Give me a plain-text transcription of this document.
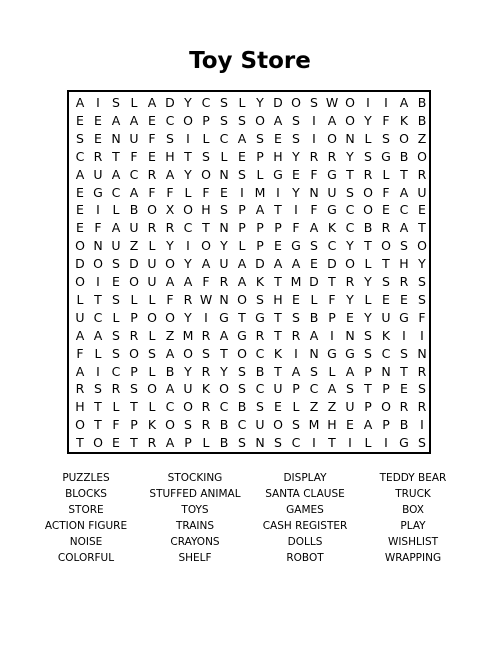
Toy Store
A I S L A D Y C S L Y D O S W O I	I A B
E E A A E C O P S S O A S I A O Y F K B
S E N U F S I	L C A S E S I O N L S O Z
C R T F E H T S L E P H Y R R Y S G B O
A U A C R A Y O N S L G E F G T R L T R
E G C A F F L F E I M I Y N U S O F A U
E I	L B O X O H S P A T I	F G C O E C E
E F A U R R C T N P P P F A K C B R A T
O N U Z L Y I O Y L P E G S C Y T O S O
D O S D U O Y A U A D A A E D O L T H Y
O I E O U A A F R A K T M D T R Y S R S
L T S L L F R W N O S H E L F Y L E E S
U C L P O O Y I G T G T S B P E Y U G F
A A S R L Z M R A G R T R A I N S K I	I
F L S O S A O S T O C K I N G G S C S N
A I C P L B Y R Y S B T A S L A P N T R
R S R S O A U K O S C U P C A S T P E S
H T L T L C O R C B S E L Z Z U P O R R
O T F P K O S R B C U O S M H E A P B I
T O E T R A P L B S N S C I T I	L	I G S
PUZZLES
BLOCKS
STORE
ACTION FIGURE
NOISE
COLORFUL
STOCKING
STUFFED ANIMAL
TOYS
TRAINS
CRAYONS
SHELF
DISPLAY
SANTA CLAUSE
GAMES
CASH REGISTER
DOLLS
ROBOT
TEDDY BEAR
TRUCK
BOX
PLAY
WISHLIST
WRAPPING
